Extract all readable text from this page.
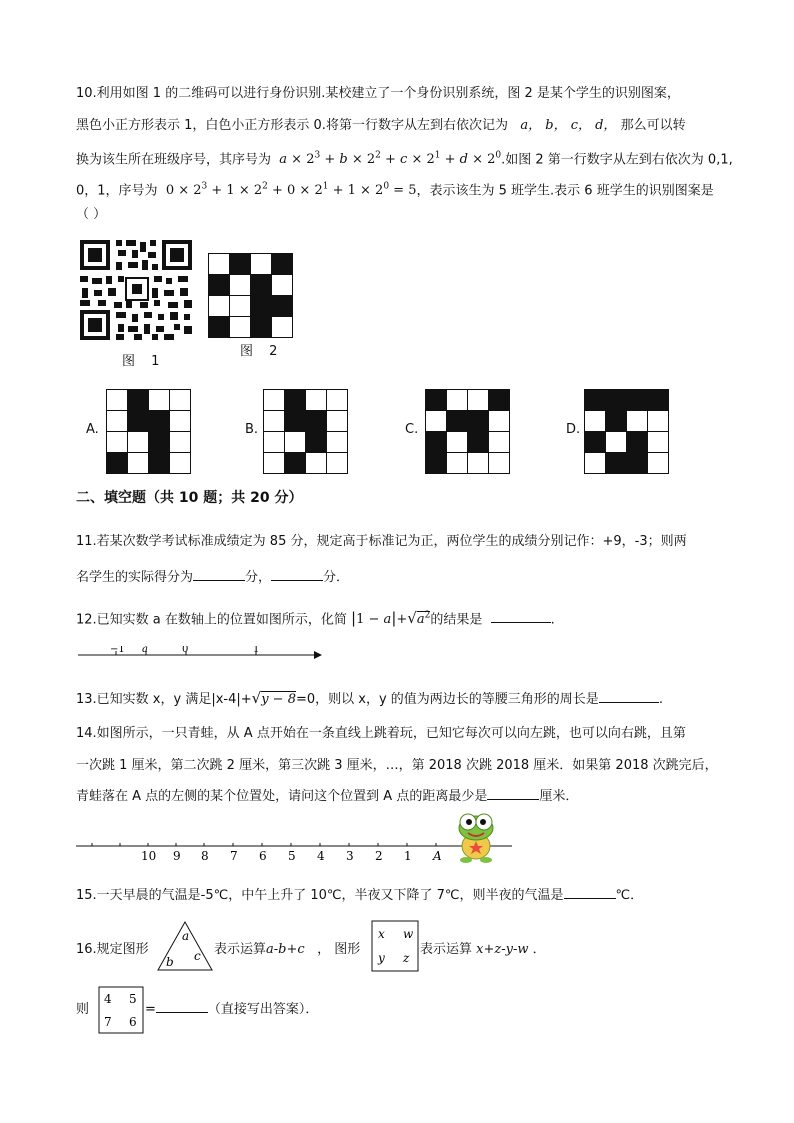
10.利用如图 1 的二维码可以进行身份识别.某校建立了一个身份识别系统，图 2 是某个学生的识别图案，
黑色小正方形表示 1，白色小正方形表示 0.将第一行数字从左到右依次记为   a， b， c， d， 那么可以转
换为该生所在班级序号，其序号为  $a \times 2^3 + b \times 2^2 + c \times 2^1 + d \times 2^0$.如图 2 第一行数字从左到右依次为 0,1,
0，1，序号为  $0 \times 2^3 + 1 \times 2^2 + 0 \times 2^1 + 1 \times 2^0 = 5$，表示该生为 5 班学生.表示 6 班学生的识别图案是
（ ）
图 1
图 2
A.	B.	C.	D.
二、填空题（共 10 题；共 20 分）
11.若某次数学考试标准成绩定为 85 分，规定高于标准记为正，两位学生的成绩分别记作：+9，-3；则两
名学生的实际得分为	分，	分．
12.已知实数 a 在数轴上的位置如图所示，化简 $|1 - a|+√a^2$的结果是	.
−1 a	0	1
13.已知实数 x，y 满足|x-4|+√y − 8=0，则以 x，y 的值为两边长的等腰三角形的周长是	.
14.如图所示，一只青蛙，从 A 点开始在一条直线上跳着玩，已知它每次可以向左跳，也可以向右跳，且第
一次跳 1 厘米，第二次跳 2 厘米，第三次跳 3 厘米，…，第 2018 次跳 2018 厘米．如果第 2018 次跳完后，
青蛙落在 A 点的左侧的某个位置处，请问这个位置到 A 点的距离最少是	厘米．
10 9 8 7 6 5 4 3 2 1 A
15.一天早晨的气温是-5℃，中午上升了 10℃，半夜又下降了 7℃，则半夜的气温是	℃．
16.规定图形
a
b c 表示运算a-b+c ， 图形
x w
y z
表示运算 x+z-y-w ．
则
4 5
7 6
=	（直接写出答案）．
